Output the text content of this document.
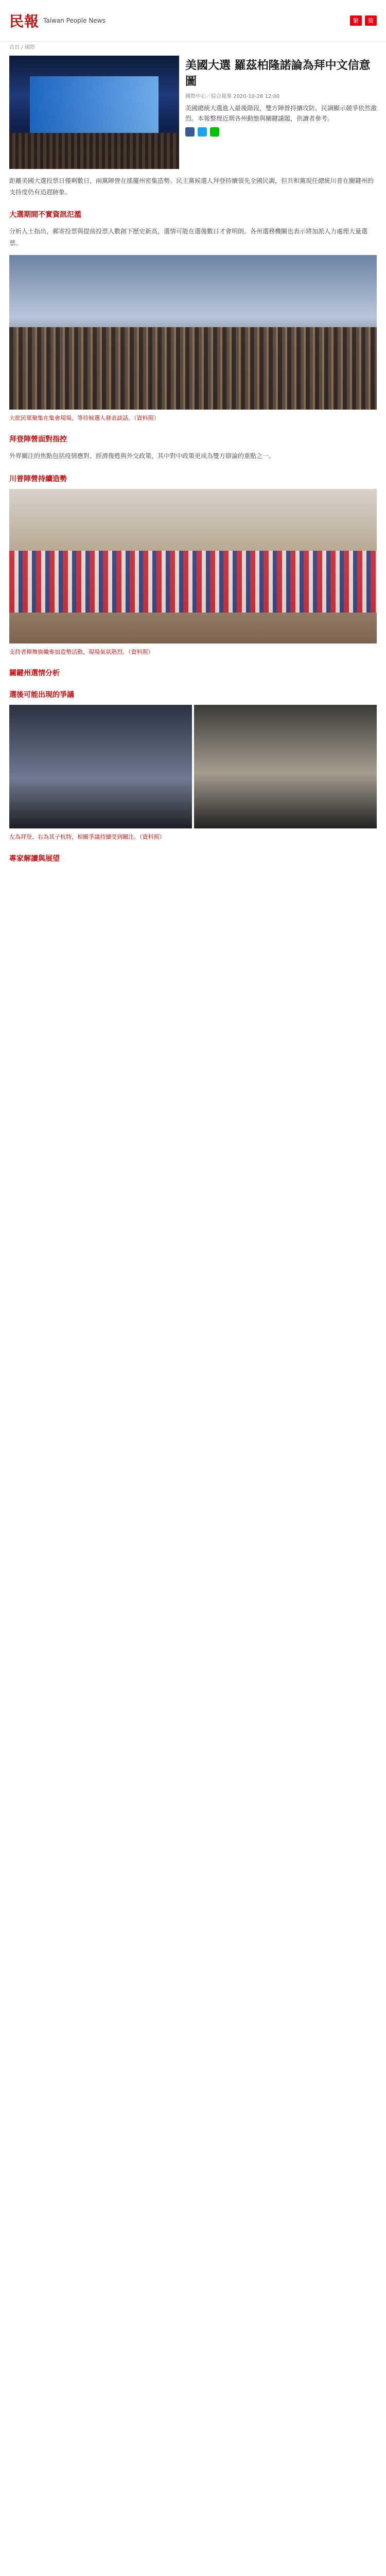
民報 Taiwan People News	繁	简
首頁 / 國際
美國大選 羅茲柏隆諾論為拜中文信意圖
國際中心／綜合報導 2020-10-28 12:00
美國總統大選進入最後階段，雙方陣營持續攻防，民調顯示競爭依然激烈。本報整理近期各州動態與關鍵議題，供讀者參考。
距離美國大選投票日僅剩數日，兩黨陣營在搖擺州密集造勢。民主黨候選人拜登持續領先全國民調，但共和黨現任總統川普在關鍵州的支持度仍有追趕跡象。
大選期間不實資訊氾濫
分析人士指出，郵寄投票與提前投票人數創下歷史新高，選情可能在選後數日才會明朗。各州選務機關也表示將加派人力處理大量選票。
大批民眾聚集在集會現場，等待候選人發表談話。（資料照）
拜登陣營面對指控
外界關注的焦點包括疫情應對、經濟復甦與外交政策，其中對中政策更成為雙方辯論的重點之一。
川普陣營持續造勢
支持者揮舞旗幟參加造勢活動，現場氣氛熱烈。（資料照）
關鍵州選情分析
選後可能出現的爭議
左為拜登、右為其子杭特，相關爭議持續受到關注。（資料照）
專家解讀與展望
